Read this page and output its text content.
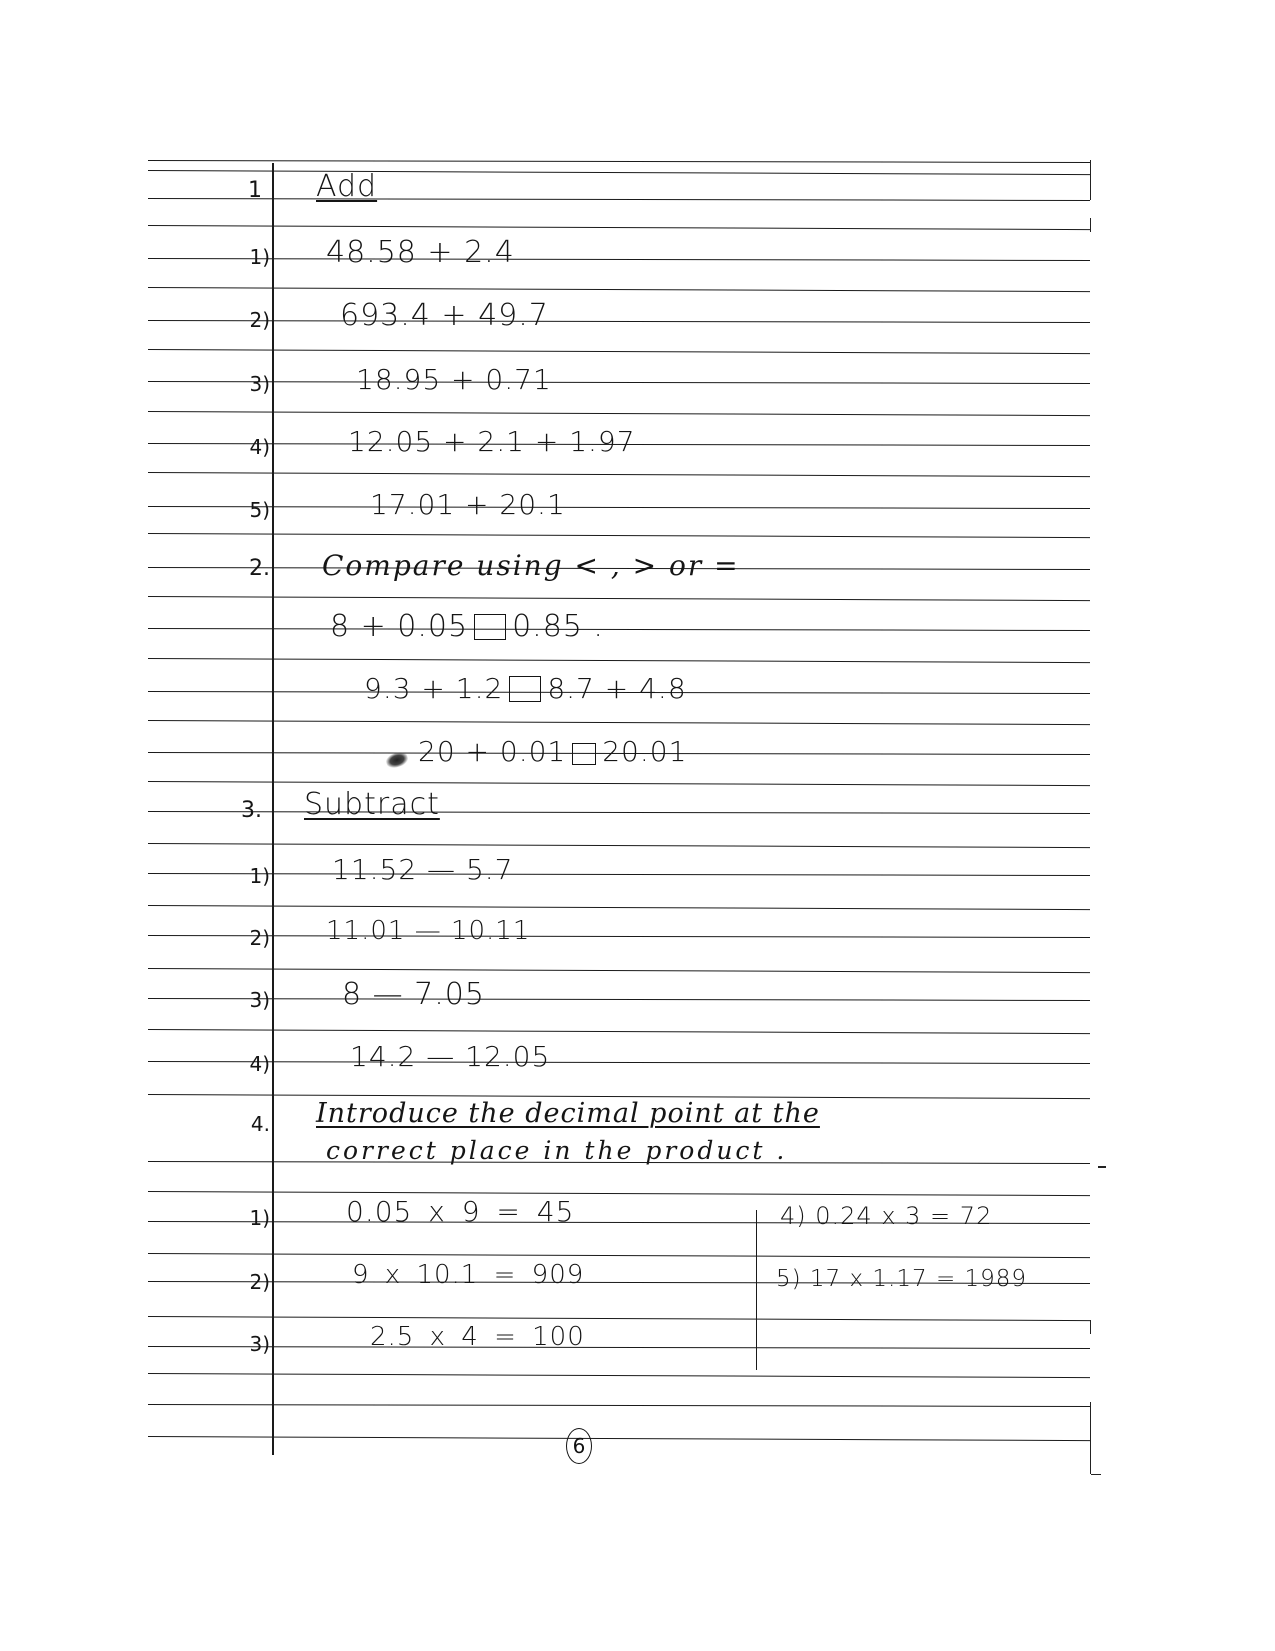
1 Add
1) 48.58 + 2.4
2) 693.4 + 49.7
3)	18.95 + 0.71
4)	12.05 + 2.1 + 1.97
5)	17.01 + 20.1
2. Compare using < , > or =
8 + 0.05 0.85 .
9.3 + 1.2 8.7 + 4.8
20 + 0.01 20.01
3. Subtract
1) 11.52 — 5.7
2) 11.01 — 10.11
3) 8 — 7.05
4)	14.2 — 12.05
4. Introduce the decimal point at the
correct place in the product .
1)	0.05 x 9 = 45
2)	9 x 10.1 = 909
3)	2.5 x 4 = 100
4) 0.24 x 3 = 72
5) 17 x 1.17 = 1989
6
